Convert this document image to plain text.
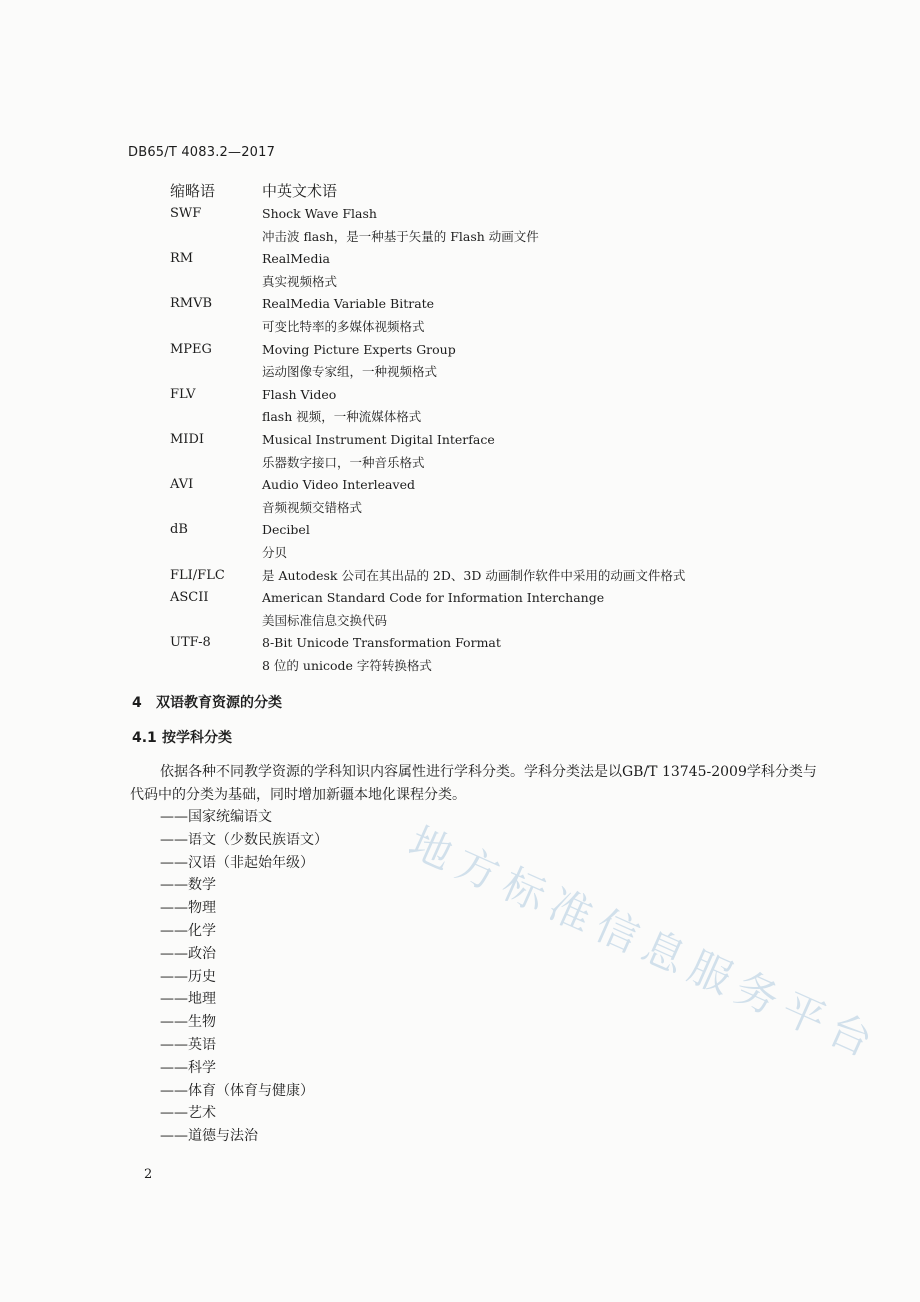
DB65/T 4083.2—2017
缩略语	中英文术语
SWF	Shock Wave Flash
冲击波 flash，是一种基于矢量的 Flash 动画文件
RM	RealMedia
真实视频格式
RMVB	RealMedia Variable Bitrate
可变比特率的多媒体视频格式
MPEG	Moving Picture Experts Group
运动图像专家组，一种视频格式
FLV	Flash Video
flash 视频，一种流媒体格式
MIDI	Musical Instrument Digital Interface
乐器数字接口，一种音乐格式
AVI	Audio Video Interleaved
音频视频交错格式
dB	Decibel
分贝
FLI/FLC	是 Autodesk 公司在其出品的 2D、3D 动画制作软件中采用的动画文件格式
ASCII	American Standard Code for Information Interchange
美国标准信息交换代码
UTF-8	8-Bit Unicode Transformation Format
8 位的 unicode 字符转换格式
4 双语教育资源的分类
4.1 按学科分类
依据各种不同教学资源的学科知识内容属性进行学科分类。学科分类法是以GB/T 13745-2009学科分类与代码中的分类为基础，同时增加新疆本地化课程分类。
——国家统编语文
——语文（少数民族语文）
——汉语（非起始年级）
——数学
——物理
——化学
——政治
——历史
——地理
——生物
——英语
——科学
——体育（体育与健康）
——艺术
——道德与法治
2
地方标准信息服务平台
